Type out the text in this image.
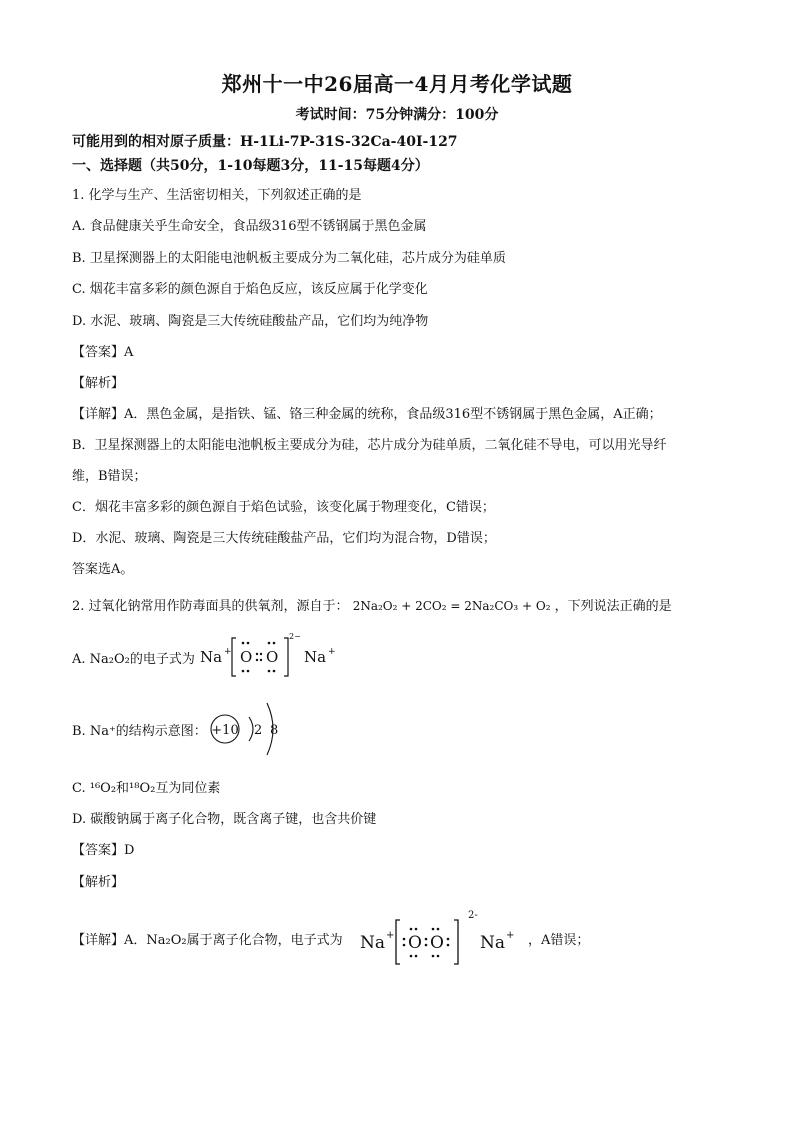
郑州十一中26届高一4月月考化学试题
考试时间：75分钟满分：100分
可能用到的相对原子质量：H-1Li-7P-31S-32Ca-40I-127
一、选择题（共50分，1-10每题3分，11-15每题4分）
1. 化学与生产、生活密切相关，下列叙述正确的是
A. 食品健康关乎生命安全，食品级316型不锈钢属于黑色金属
B. 卫星探测器上的太阳能电池帆板主要成分为二氧化硅，芯片成分为硅单质
C. 烟花丰富多彩的颜色源自于焰色反应，该反应属于化学变化
D. 水泥、玻璃、陶瓷是三大传统硅酸盐产品，它们均为纯净物
【答案】A
【解析】
【详解】A．黑色金属，是指铁、锰、铬三种金属的统称，食品级316型不锈钢属于黑色金属，A正确；
B．卫星探测器上的太阳能电池帆板主要成分为硅，芯片成分为硅单质，二氧化硅不导电，可以用光导纤
维，B错误；
C．烟花丰富多彩的颜色源自于焰色试验，该变化属于物理变化，C错误；
D．水泥、玻璃、陶瓷是三大传统硅酸盐产品，它们均为混合物，D错误；
答案选A。
2. 过氧化钠常用作防毒面具的供氧剂，源自于： 2Na₂O₂ + 2CO₂ = 2Na₂CO₃ + O₂ ，下列说法正确的是
A. Na₂O₂的电子式为 Na + O O
2−
Na +
B. Na⁺的结构示意图： +10 2 8
C. ¹⁶O₂和¹⁸O₂互为同位素
D. 碳酸钠属于离子化合物，既含离子键，也含共价键
【答案】D
【解析】
【详解】A．Na₂O₂属于离子化合物，电子式为 Na + O O
2-
Na + ，A错误；
